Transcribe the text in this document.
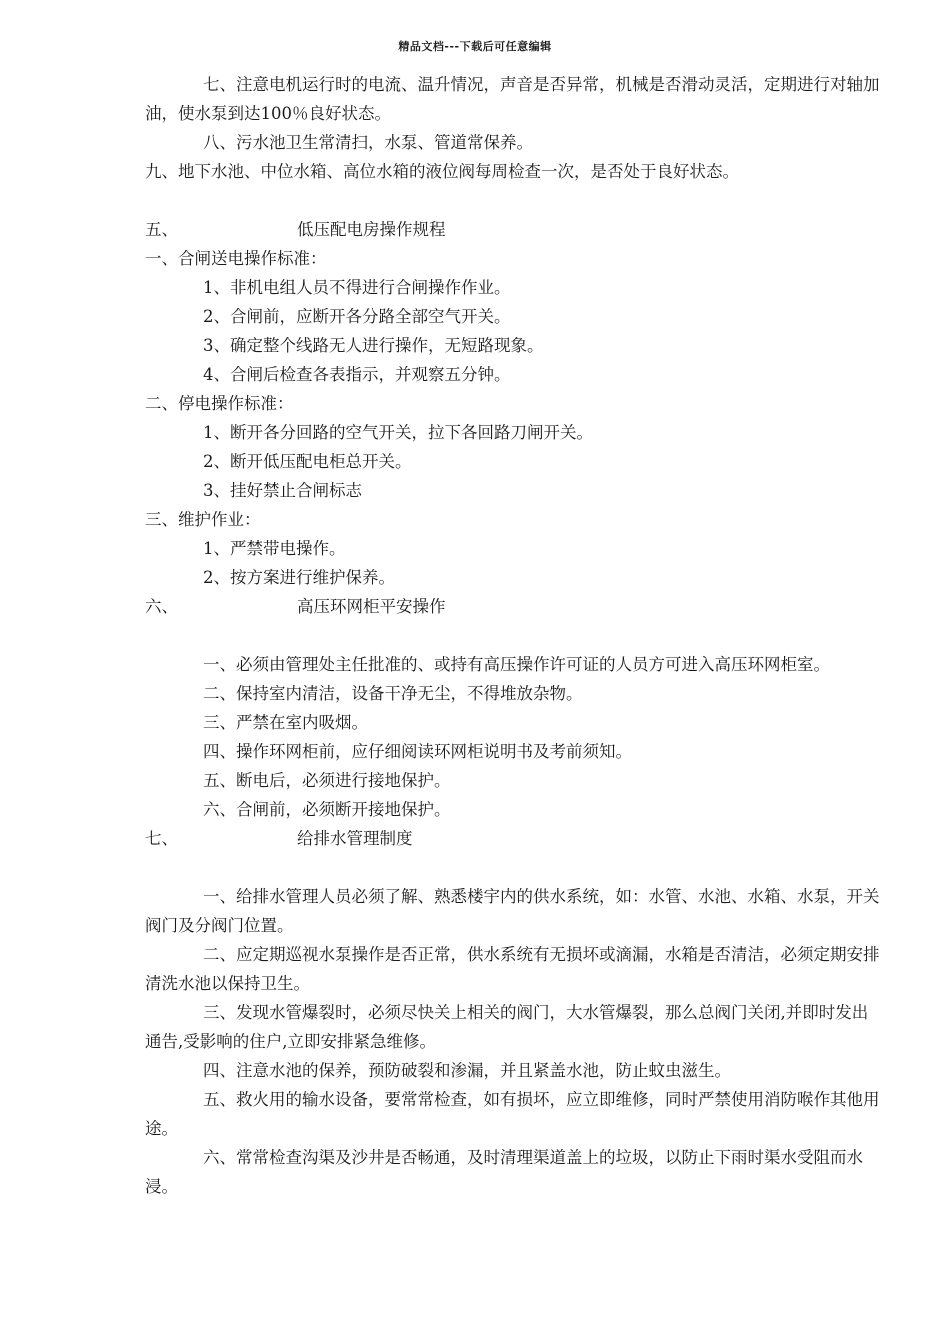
精品文档---下载后可任意编辑

七、注意电机运行时的电流、温升情况，声音是否异常，机械是否滑动灵活，定期进行对轴加油，使水泵到达100％良好状态。

八、污水池卫生常清扫，水泵、管道常保养。

九、地下水池、中位水箱、高位水箱的液位阀每周检查一次，是否处于良好状态。

五、	低压配电房操作规程

一、合闸送电操作标准：

1、非机电组人员不得进行合闸操作作业。

2、合闸前，应断开各分路全部空气开关。

3、确定整个线路无人进行操作，无短路现象。

4、合闸后检查各表指示，并观察五分钟。

二、停电操作标准：

1、断开各分回路的空气开关，拉下各回路刀闸开关。

2、断开低压配电柜总开关。

3、挂好禁止合闸标志

三、维护作业：

1、严禁带电操作。

2、按方案进行维护保养。

六、	高压环网柜平安操作

一、必须由管理处主任批准的、或持有高压操作许可证的人员方可进入高压环网柜室。

二、保持室内清洁，设备干净无尘，不得堆放杂物。

三、严禁在室内吸烟。

四、操作环网柜前，应仔细阅读环网柜说明书及考前须知。

五、断电后，必须进行接地保护。

六、合闸前，必须断开接地保护。

七、	给排水管理制度

一、给排水管理人员必须了解、熟悉楼宇内的供水系统，如：水管、水池、水箱、水泵，开关阀门及分阀门位置。

二、应定期巡视水泵操作是否正常，供水系统有无损坏或滴漏，水箱是否清洁，必须定期安排清洗水池以保持卫生。

三、发现水管爆裂时，必须尽快关上相关的阀门，大水管爆裂，那么总阀门关闭,并即时发出通告,受影响的住户,立即安排紧急维修。

四、注意水池的保养，预防破裂和渗漏，并且紧盖水池，防止蚊虫滋生。

五、救火用的输水设备，要常常检查，如有损坏，应立即维修，同时严禁使用消防喉作其他用途。

六、常常检查沟渠及沙井是否畅通，及时清理渠道盖上的垃圾，以防止下雨时渠水受阻而水浸。
